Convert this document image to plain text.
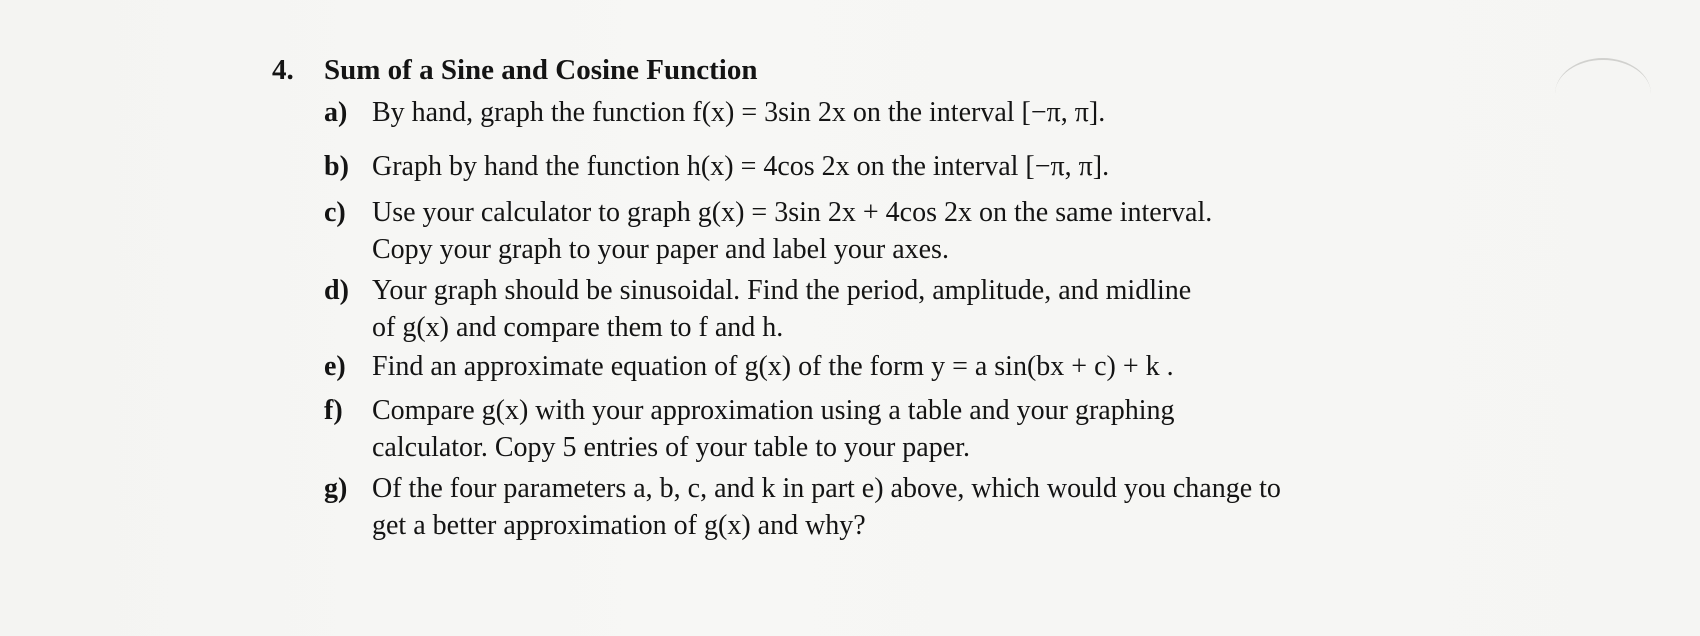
4. Sum of a Sine and Cosine Function
a) By hand, graph the function f(x) = 3sin 2x on the interval [−π, π].
b) Graph by hand the function h(x) = 4cos 2x on the interval [−π, π].
c) Use your calculator to graph g(x) = 3sin 2x + 4cos 2x on the same interval.
Copy your graph to your paper and label your axes.
d) Your graph should be sinusoidal. Find the period, amplitude, and midline
of g(x) and compare them to f and h.
e) Find an approximate equation of g(x) of the form y = a sin(bx + c) + k .
f) Compare g(x) with your approximation using a table and your graphing
calculator. Copy 5 entries of your table to your paper.
g) Of the four parameters a, b, c, and k in part e) above, which would you change to
get a better approximation of g(x) and why?
